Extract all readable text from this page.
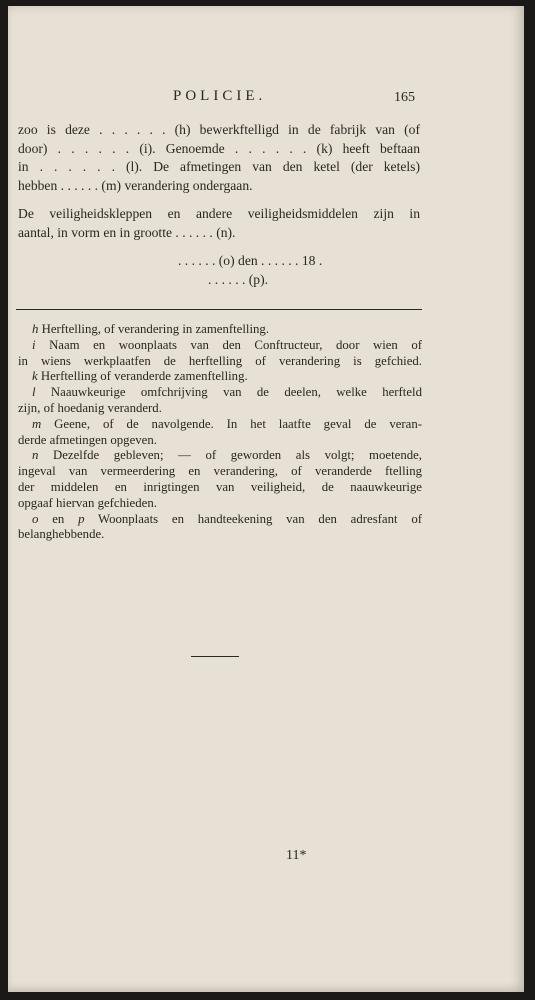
POLICIE.	165
zoo is deze . . . . . . (h) bewerkftelligd in de fabrijk van (of
door) . . . . . . (i). Genoemde . . . . . . (k) heeft beftaan
in . . . . . . (l). De afmetingen van den ketel (der ketels)
hebben . . . . . . (m) verandering ondergaan.
De veiligheidskleppen en andere veiligheidsmiddelen zijn in
aantal, in vorm en in grootte . . . . . . (n).
. . . . . . (o) den . . . . . . 18 .
. . . . . . (p).
h Herftelling, of verandering in zamenftelling.
i Naam en woonplaats van den Conftructeur, door wien of
in wiens werkplaatfen de herftelling of verandering is gefchied.
k Herftelling of veranderde zamenftelling.
l Naauwkeurige omfchrijving van de deelen, welke herfteld
zijn, of hoedanig veranderd.
m Geene, of de navolgende. In het laatfte geval de veran-
derde afmetingen opgeven.
n Dezelfde gebleven; — of geworden als volgt; moetende,
ingeval van vermeerdering en verandering, of veranderde ftelling
der middelen en inrigtingen van veiligheid, de naauwkeurige
opgaaf hiervan gefchieden.
o en p Woonplaats en handteekening van den adresfant of
belanghebbende.
11*
